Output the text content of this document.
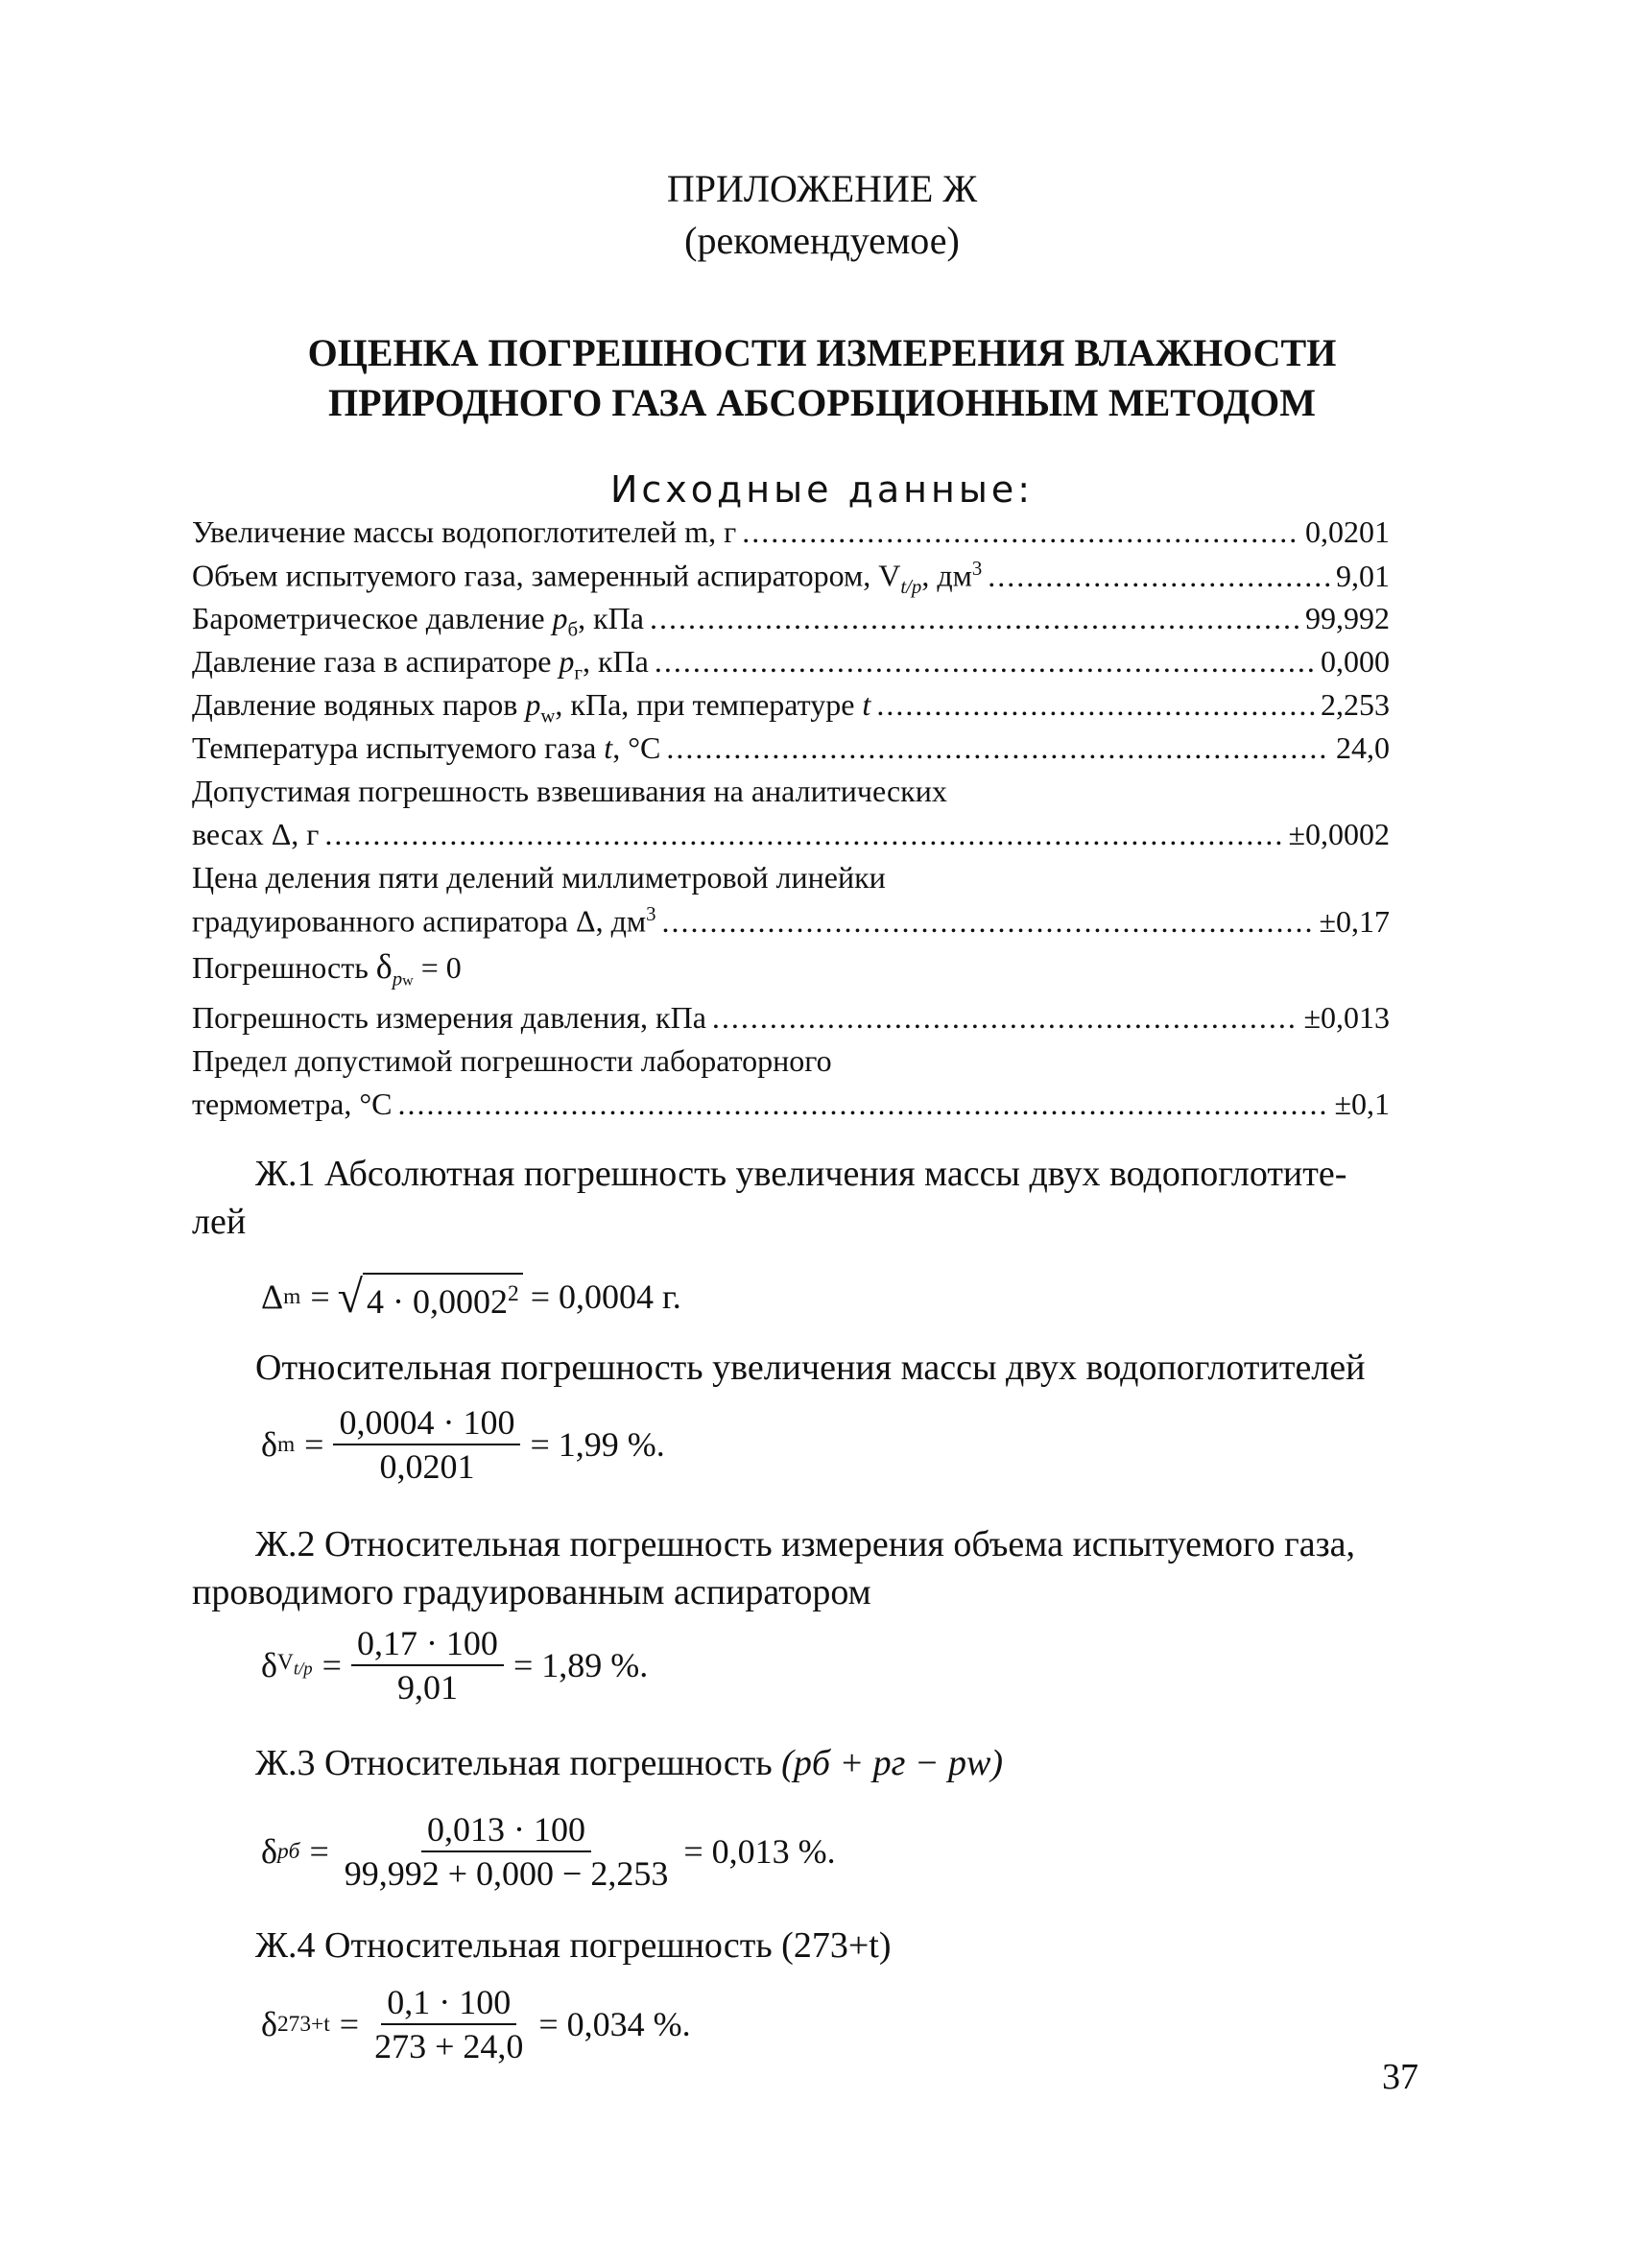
ПРИЛОЖЕНИЕ Ж
(рекомендуемое)
ОЦЕНКА ПОГРЕШНОСТИ ИЗМЕРЕНИЯ ВЛАЖНОСТИ
ПРИРОДНОГО ГАЗА АБСОРБЦИОННЫМ МЕТОДОМ
Исходные данные:
Увеличение массы водопоглотителей m, г .....	0,0201
Объем испытуемого газа, замеренный аспиратором, $V_{t/p}$, $дм^3$ .....	9,01
Барометрическое давление $p_б$, кПа .....	99,992
Давление газа в аспираторе $p_г$, кПа .....	0,000
Давление водяных паров $p_w$, кПа, при температуре t .....	2,253
Температура испытуемого газа t, °С .....	24,0
Допустимая погрешность взвешивания на аналитических
весах Δ, г .....	±0,0002
Цена деления пяти делений миллиметровой линейки
градуированного аспиратора Δ, $дм^3$ .....	±0,17
Погрешность $\delta_{pw} = 0$
Погрешность измерения давления, кПа .....	±0,013
Предел допустимой погрешности лабораторного
термометра, °С .....	±0,1
Ж.1 Абсолютная погрешность увеличения массы двух водопоглотите-
лей
Δ m = √ $4 \cdot 0,0002^2 = 0,0004$ г.
Относительная погрешность увеличения массы двух водопоглотителей
δ $m = \frac{0,0004 \cdot 100}{0,0201} = 1,99$ %.
Ж.2 Относительная погрешность измерения объема испытуемого газа,
проводимого градуированным аспиратором
δ $V_{t/p} = \frac{0,17 \cdot 100}{9,01} = 1,89$ %.
Ж.3 Относительная погрешность (pб + pг − pw)
δ pб = $\frac{0,013 \cdot 100}{99,992 + 0,000 - 2,253} = 0,013$ %.
Ж.4 Относительная погрешность (273+t)
δ $273+t = \frac{0,1 \cdot 100}{273 + 24,0} = 0,034$ %.
37
